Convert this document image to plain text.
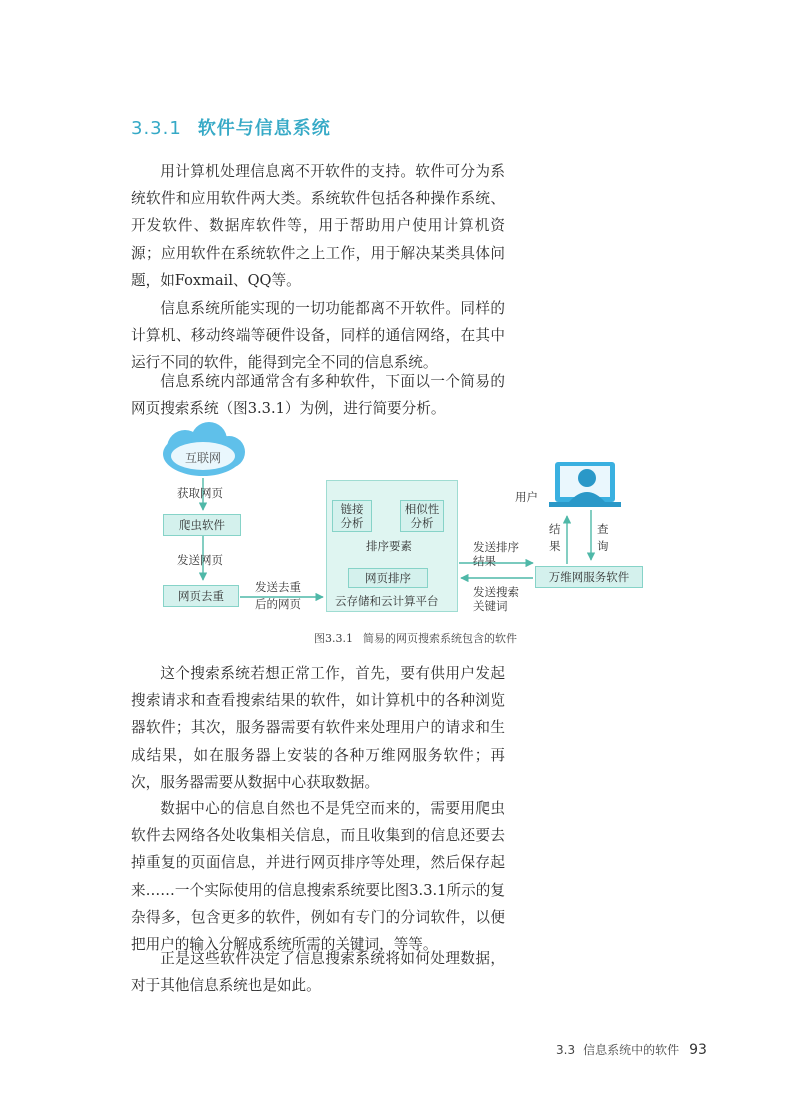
3.3.1 软件与信息系统

用计算机处理信息离不开软件的支持。软件可分为系统软件和应用软件两大类。系统软件包括各种操作系统、开发软件、数据库软件等，用于帮助用户使用计算机资源；应用软件在系统软件之上工作，用于解决某类具体问题，如Foxmail、QQ等。

信息系统所能实现的一切功能都离不开软件。同样的计算机、移动终端等硬件设备，同样的通信网络，在其中运行不同的软件，能得到完全不同的信息系统。

信息系统内部通常含有多种软件，下面以一个简易的网页搜索系统（图3.3.1）为例，进行简要分析。

互联网
获取网页
爬虫软件
发送网页
网页去重
发送去重
后的网页
链接
分析
相似性
分析
排序要素
网页排序
云存储和云计算平台
发送排序
结果
发送搜索
关键词
用户
结
果
查
询
万维网服务软件
图3.3.1 简易的网页搜索系统包含的软件

这个搜索系统若想正常工作，首先，要有供用户发起搜索请求和查看搜索结果的软件，如计算机中的各种浏览器软件；其次，服务器需要有软件来处理用户的请求和生成结果，如在服务器上安装的各种万维网服务软件；再次，服务器需要从数据中心获取数据。

数据中心的信息自然也不是凭空而来的，需要用爬虫软件去网络各处收集相关信息，而且收集到的信息还要去掉重复的页面信息，并进行网页排序等处理，然后保存起来……一个实际使用的信息搜索系统要比图3.3.1所示的复杂得多，包含更多的软件，例如有专门的分词软件，以便把用户的输入分解成系统所需的关键词，等等。

正是这些软件决定了信息搜索系统将如何处理数据，对于其他信息系统也是如此。

3.3 信息系统中的软件 93
